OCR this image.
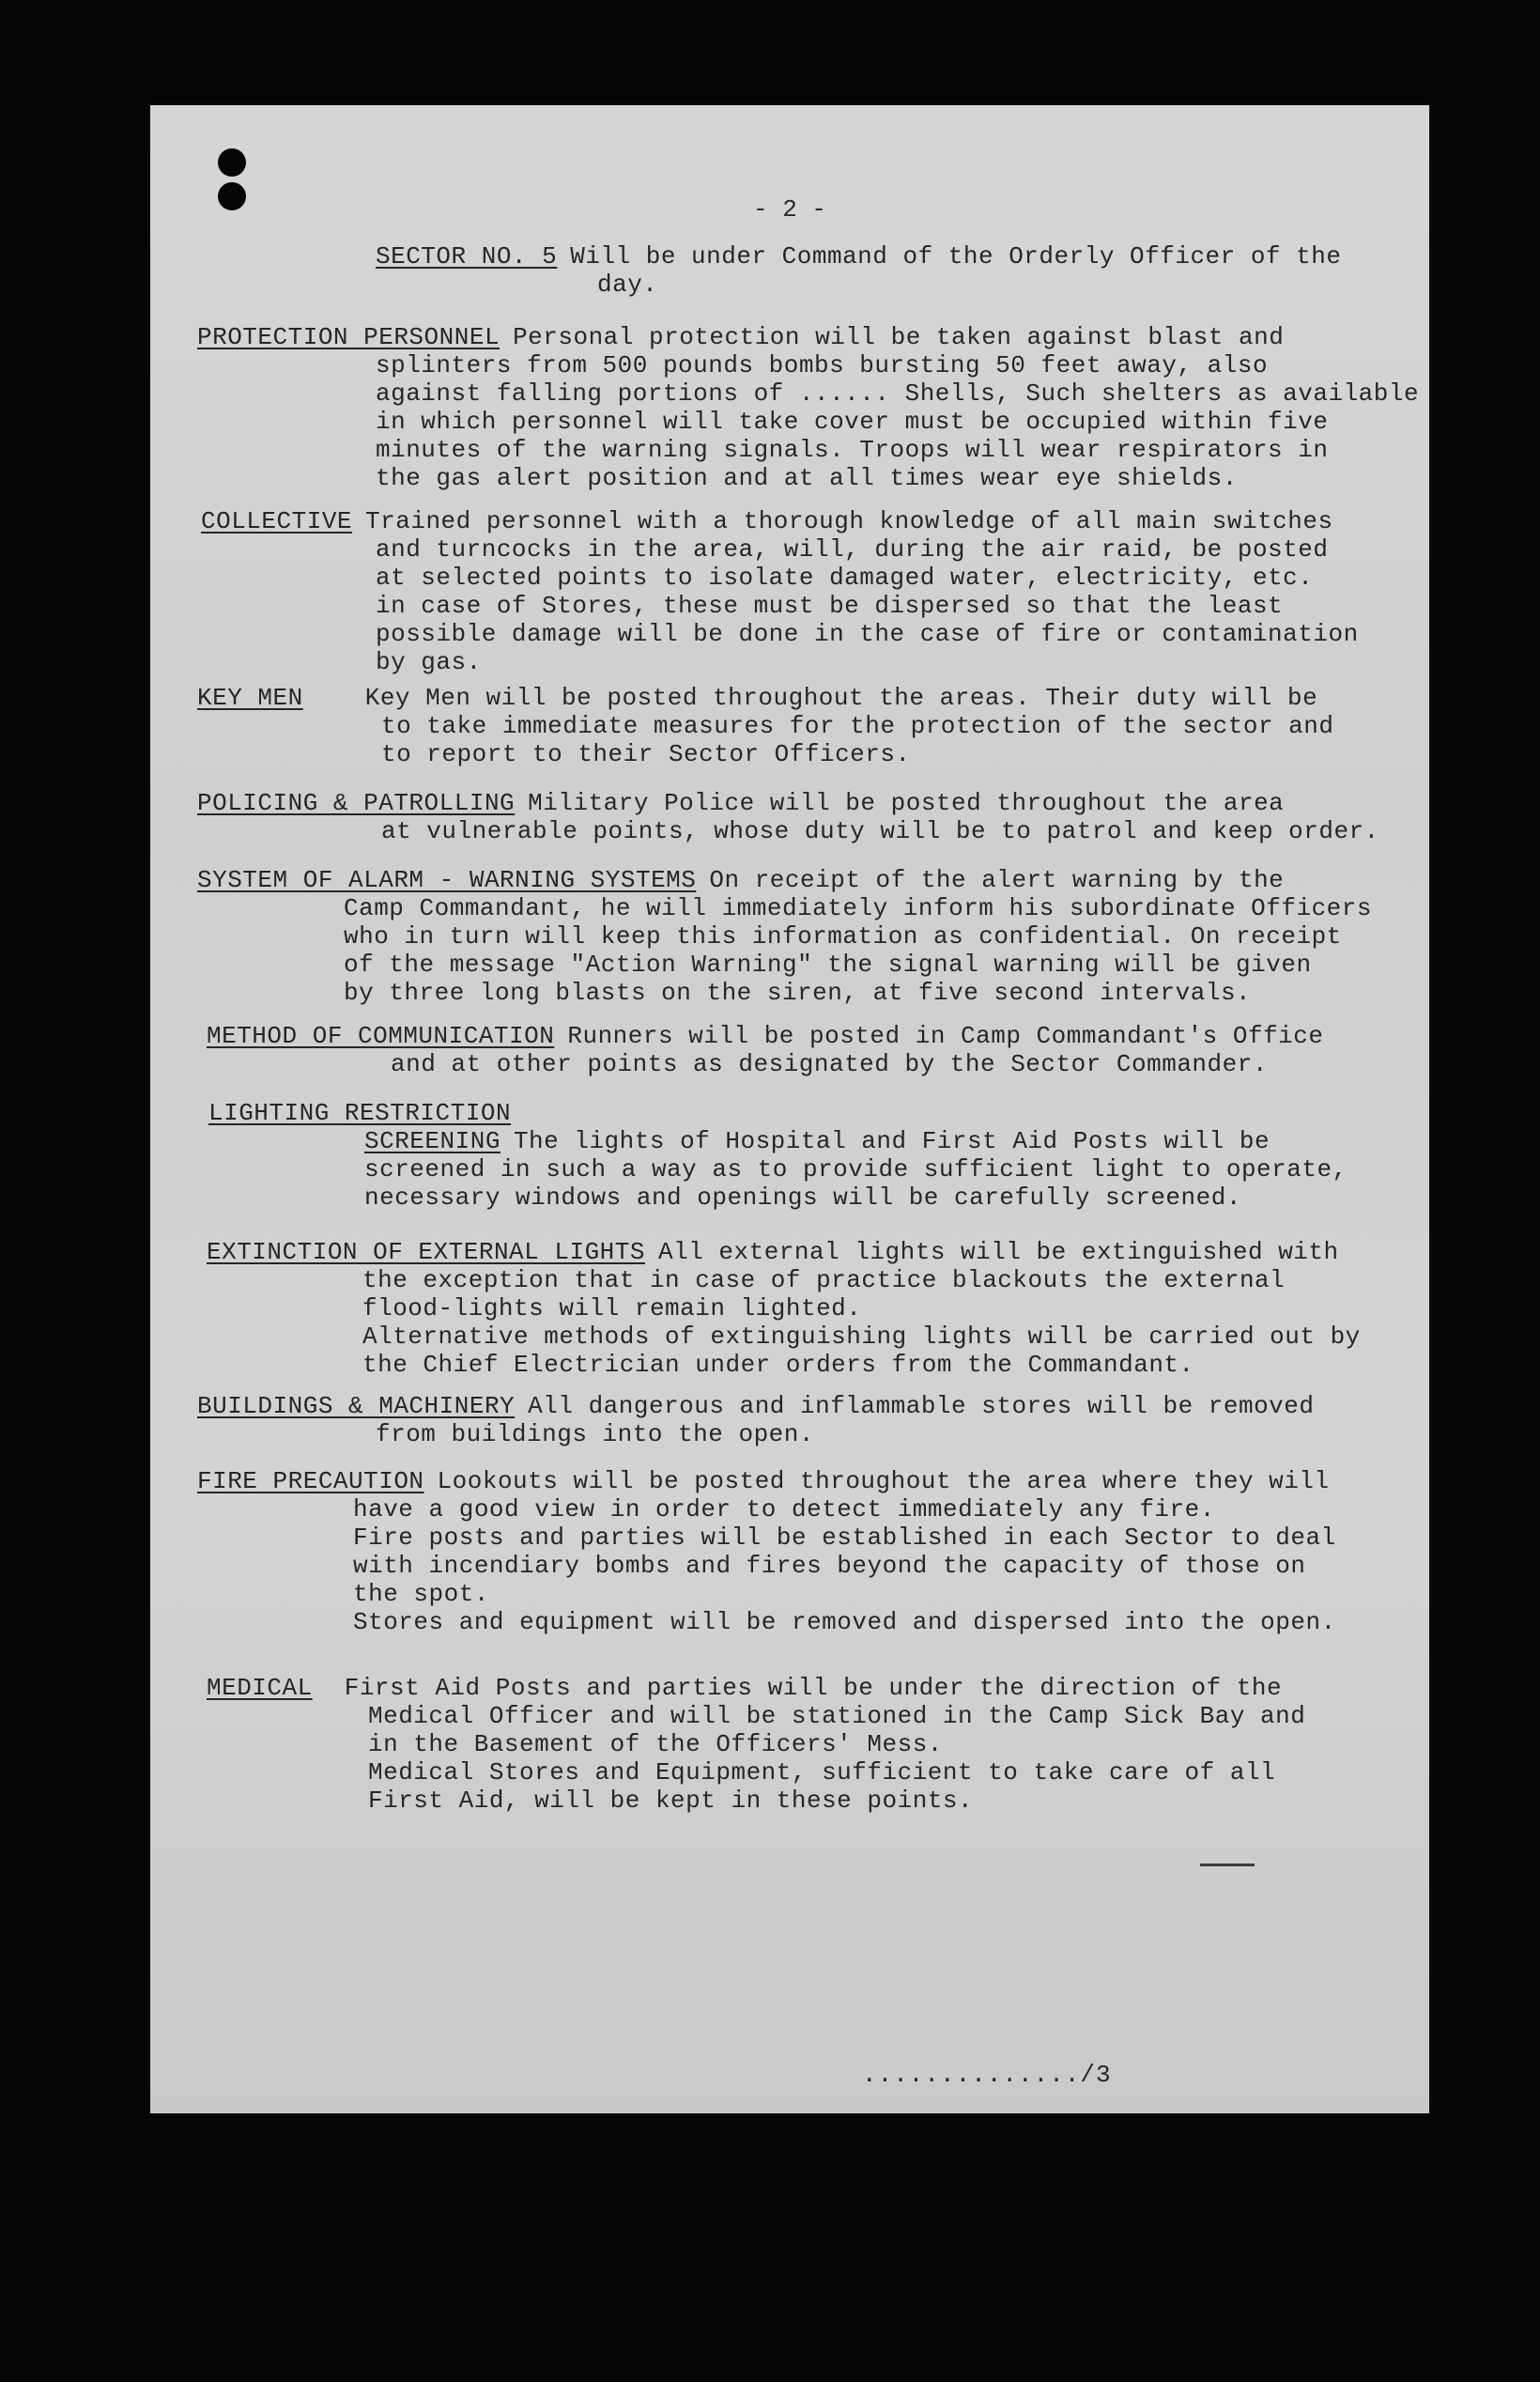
- 2 -
SECTOR NO. 5 Will be under Command of the Orderly Officer of the
day.
PROTECTION PERSONNEL Personal protection will be taken against blast and
splinters from 500 pounds bombs bursting 50 feet away, also
against falling portions of ...... Shells, Such shelters as available
in which personnel will take cover must be occupied within five
minutes of the warning signals. Troops will wear respirators in
the gas alert position and at all times wear eye shields.
COLLECTIVE Trained personnel with a thorough knowledge of all main switches
and turncocks in the area, will, during the air raid, be posted
at selected points to isolate damaged water, electricity, etc.
in case of Stores, these must be dispersed so that the least
possible damage will be done in the case of fire or contamination
by gas.
KEY MEN	Key Men will be posted throughout the areas. Their duty will be
to take immediate measures for the protection of the sector and
to report to their Sector Officers.
POLICING & PATROLLING Military Police will be posted throughout the area
at vulnerable points, whose duty will be to patrol and keep order.
SYSTEM OF ALARM - WARNING SYSTEMS On receipt of the alert warning by the
Camp Commandant, he will immediately inform his subordinate Officers
who in turn will keep this information as confidential. On receipt
of the message "Action Warning" the signal warning will be given
by three long blasts on the siren, at five second intervals.
METHOD OF COMMUNICATION Runners will be posted in Camp Commandant's Office
and at other points as designated by the Sector Commander.
LIGHTING RESTRICTION
SCREENING The lights of Hospital and First Aid Posts will be
screened in such a way as to provide sufficient light to operate,
necessary windows and openings will be carefully screened.
EXTINCTION OF EXTERNAL LIGHTS All external lights will be extinguished with
the exception that in case of practice blackouts the external
flood-lights will remain lighted.
Alternative methods of extinguishing lights will be carried out by
the Chief Electrician under orders from the Commandant.
BUILDINGS & MACHINERY All dangerous and inflammable stores will be removed
from buildings into the open.
FIRE PRECAUTION Lookouts will be posted throughout the area where they will
have a good view in order to detect immediately any fire.
Fire posts and parties will be established in each Sector to deal
with incendiary bombs and fires beyond the capacity of those on
the spot.
Stores and equipment will be removed and dispersed into the open.
MEDICAL First Aid Posts and parties will be under the direction of the
Medical Officer and will be stationed in the Camp Sick Bay and
in the Basement of the Officers' Mess.
Medical Stores and Equipment, sufficient to take care of all
First Aid, will be kept in these points.
............../3
